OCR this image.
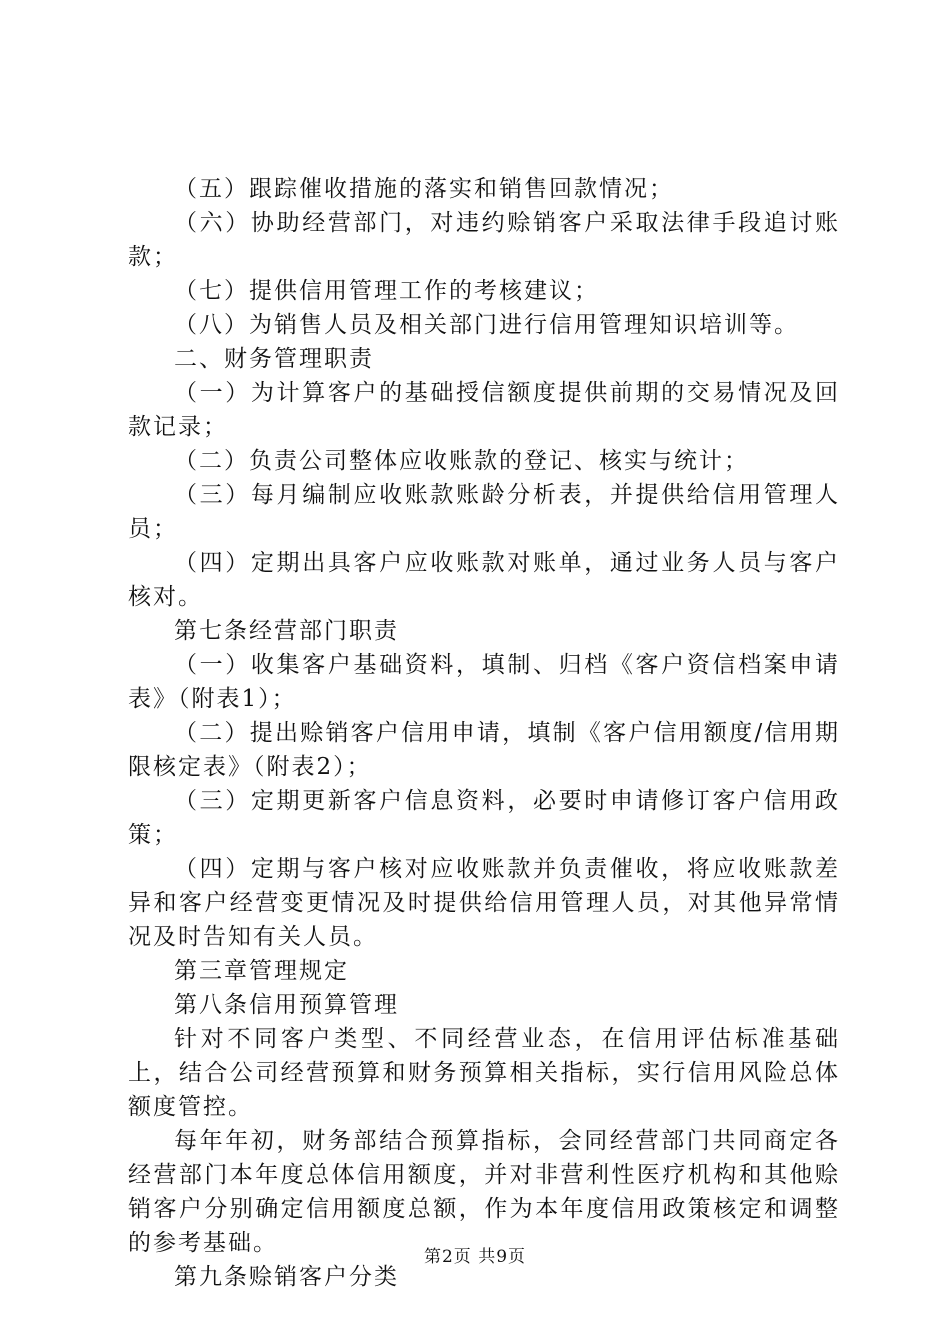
（五）跟踪催收措施的落实和销售回款情况；

（六）协助经营部门，对违约赊销客户采取法律手段追讨账款；

（七）提供信用管理工作的考核建议；

（八）为销售人员及相关部门进行信用管理知识培训等。

二、财务管理职责

（一）为计算客户的基础授信额度提供前期的交易情况及回款记录；

（二）负责公司整体应收账款的登记、核实与统计；

（三）每月编制应收账款账龄分析表，并提供给信用管理人员；

（四）定期出具客户应收账款对账单，通过业务人员与客户核对。

第七条经营部门职责

（一）收集客户基础资料，填制、归档《客户资信档案申请表》（附表1）；

（二）提出赊销客户信用申请，填制《客户信用额度/信用期限核定表》（附表2）；

（三）定期更新客户信息资料，必要时申请修订客户信用政策；

（四）定期与客户核对应收账款并负责催收，将应收账款差异和客户经营变更情况及时提供给信用管理人员，对其他异常情况及时告知有关人员。

第三章管理规定

第八条信用预算管理

针对不同客户类型、不同经营业态，在信用评估标准基础上，结合公司经营预算和财务预算相关指标，实行信用风险总体额度管控。

每年年初，财务部结合预算指标，会同经营部门共同商定各经营部门本年度总体信用额度，并对非营利性医疗机构和其他赊销客户分别确定信用额度总额，作为本年度信用政策核定和调整的参考基础。

第九条赊销客户分类

第2页 共9页
